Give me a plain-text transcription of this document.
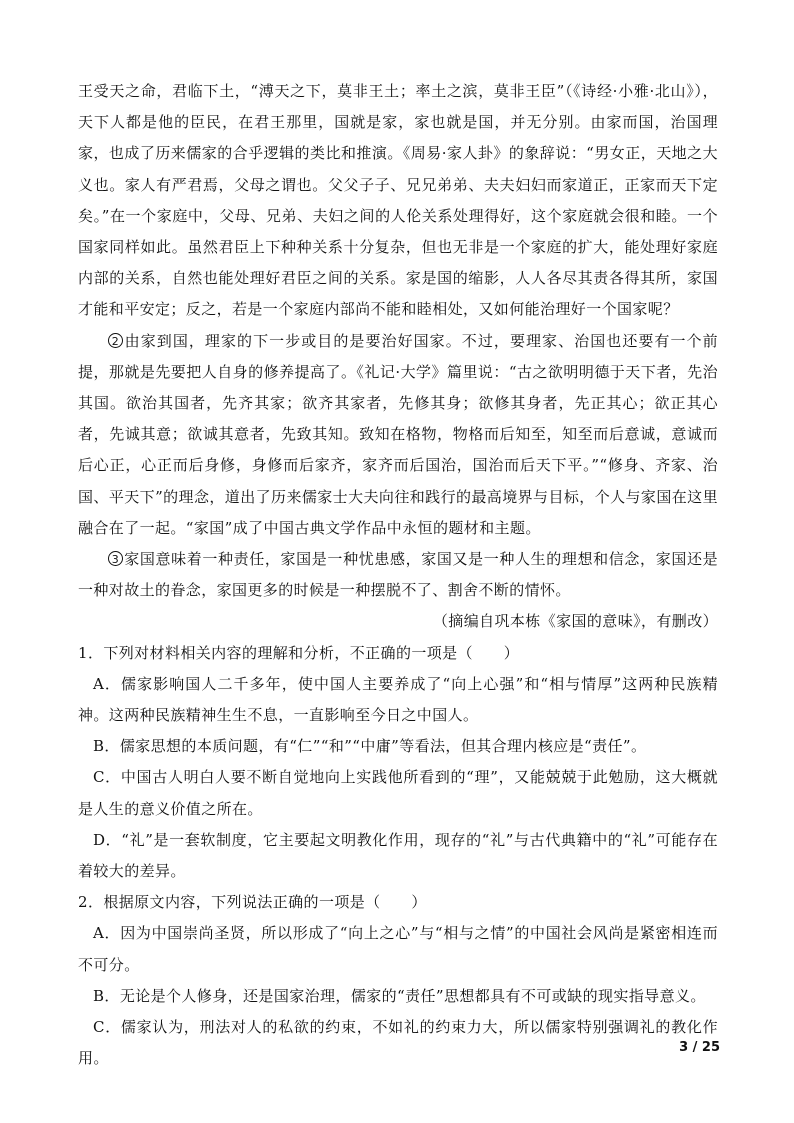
王受天之命，君临下土，“溥天之下，莫非王土；率土之滨，莫非王臣”（《诗经·小雅·北山》），天下人都是他的臣民，在君王那里，国就是家，家也就是国，并无分别。由家而国，治国理家，也成了历来儒家的合乎逻辑的类比和推演。《周易·家人卦》的象辞说：“男女正，天地之大义也。家人有严君焉，父母之谓也。父父子子、兄兄弟弟、夫夫妇妇而家道正，正家而天下定矣。”在一个家庭中，父母、兄弟、夫妇之间的人伦关系处理得好，这个家庭就会很和睦。一个国家同样如此。虽然君臣上下种种关系十分复杂，但也无非是一个家庭的扩大，能处理好家庭内部的关系，自然也能处理好君臣之间的关系。家是国的缩影，人人各尽其责各得其所，家国才能和平安定；反之，若是一个家庭内部尚不能和睦相处，又如何能治理好一个国家呢？

2 由家到国，理家的下一步或目的是要治好国家。不过，要理家、治国也还要有一个前提，那就是先要把人自身的修养提高了。《礼记·大学》篇里说：“古之欲明明德于天下者，先治其国。欲治其国者，先齐其家；欲齐其家者，先修其身；欲修其身者，先正其心；欲正其心者，先诚其意；欲诚其意者，先致其知。致知在格物，物格而后知至，知至而后意诚，意诚而后心正，心正而后身修，身修而后家齐，家齐而后国治，国治而后天下平。”“修身、齐家、治国、平天下”的理念，道出了历来儒家士大夫向往和践行的最高境界与目标，个人与家国在这里融合在了一起。“家国”成了中国古典文学作品中永恒的题材和主题。

3 家国意味着一种责任，家国是一种忧患感，家国又是一种人生的理想和信念，家国还是一种对故土的眷念，家国更多的时候是一种摆脱不了、割舍不断的情怀。

（摘编自巩本栋《家国的意味》，有删改）

1．下列对材料相关内容的理解和分析，不正确的一项是（　　）

A．儒家影响国人二千多年，使中国人主要养成了“向上心强”和“相与情厚”这两种民族精神。这两种民族精神生生不息，一直影响至今日之中国人。

B．儒家思想的本质问题，有“仁”“和”“中庸”等看法，但其合理内核应是“责任”。

C．中国古人明白人要不断自觉地向上实践他所看到的“理”，又能兢兢于此勉励，这大概就是人生的意义价值之所在。

D．“礼”是一套软制度，它主要起文明教化作用，现存的“礼”与古代典籍中的“礼”可能存在着较大的差异。

2．根据原文内容，下列说法正确的一项是（　　）

A．因为中国崇尚圣贤，所以形成了“向上之心”与“相与之情”的中国社会风尚是紧密相连而不可分。

B．无论是个人修身，还是国家治理，儒家的“责任”思想都具有不可或缺的现实指导意义。

C．儒家认为，刑法对人的私欲的约束，不如礼的约束力大，所以儒家特别强调礼的教化作用。

3 / 25
